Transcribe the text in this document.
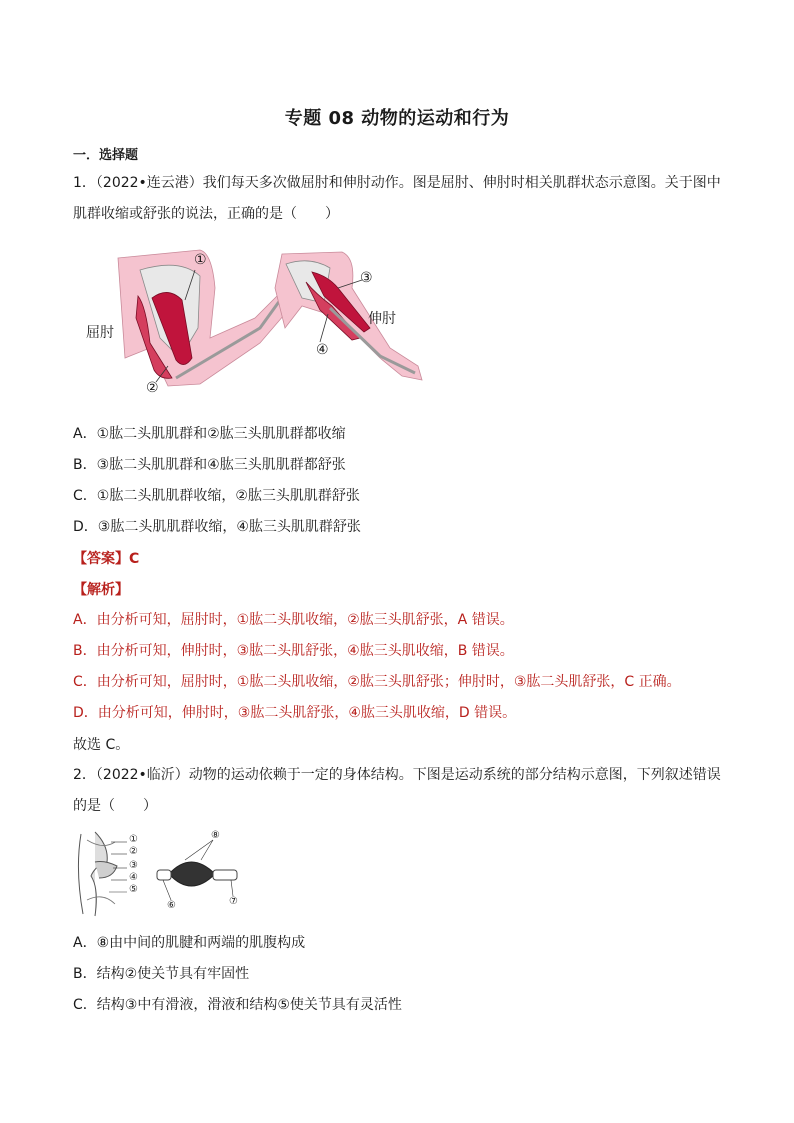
专题 08 动物的运动和行为
一．选择题
1．（2022•连云港）我们每天多次做屈肘和伸肘动作。图是屈肘、伸肘时相关肌群状态示意图。关于图中肌群收缩或舒张的说法，正确的是（　　）
①
②
③
④
屈肘
伸肘
A．①肱二头肌肌群和②肱三头肌肌群都收缩
B．③肱二头肌肌群和④肱三头肌肌群都舒张
C．①肱二头肌肌群收缩，②肱三头肌肌群舒张
D．③肱二头肌肌群收缩，④肱三头肌肌群舒张
【答案】C
【解析】
A．由分析可知，屈肘时，①肱二头肌收缩，②肱三头肌舒张，A 错误。
B．由分析可知，伸肘时，③肱二头肌舒张，④肱三头肌收缩，B 错误。
C．由分析可知，屈肘时，①肱二头肌收缩，②肱三头肌舒张；伸肘时，③肱二头肌舒张，C 正确。
D．由分析可知，伸肘时，③肱二头肌舒张，④肱三头肌收缩，D 错误。
故选 C。
2．（2022•临沂）动物的运动依赖于一定的身体结构。下图是运动系统的部分结构示意图，下列叙述错误的是（　　）
①
②
③
④
⑤
⑥	⑦
⑧
A．⑧由中间的肌腱和两端的肌腹构成
B．结构②使关节具有牢固性
C．结构③中有滑液，滑液和结构⑤使关节具有灵活性
